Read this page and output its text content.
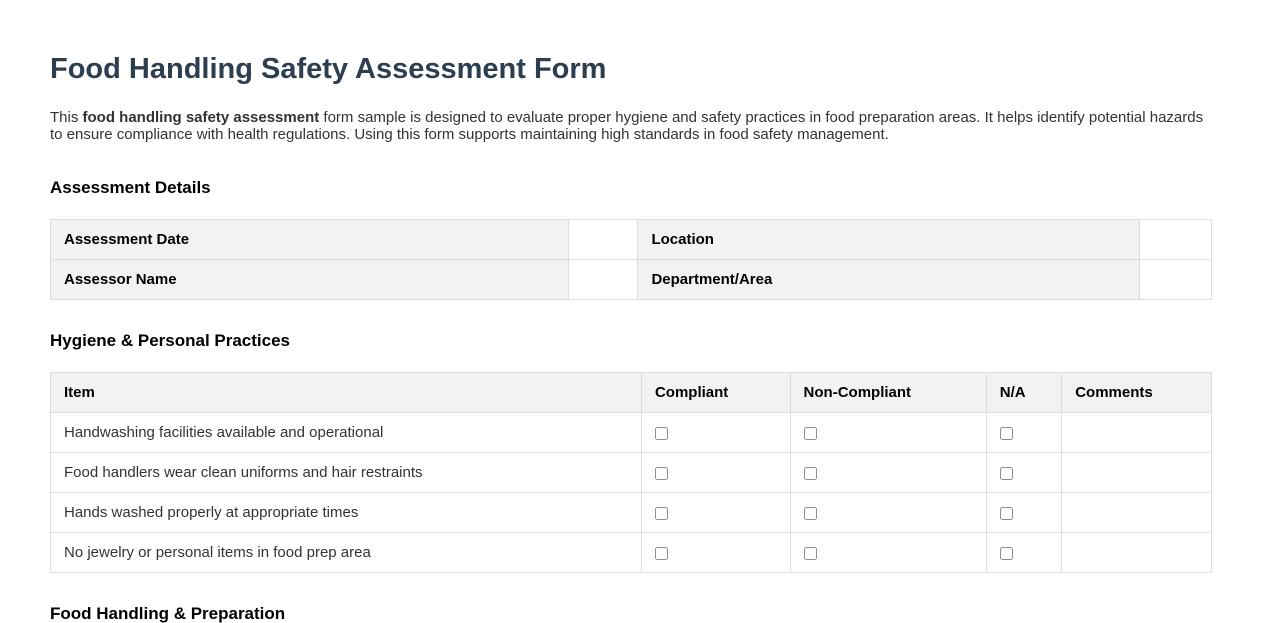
Food Handling Safety Assessment Form

This food handling safety assessment form sample is designed to evaluate proper hygiene and safety practices in food preparation areas. It helps identify potential hazards to ensure compliance with health regulations. Using this form supports maintaining high standards in food safety management.

Assessment Details
Assessment Date		Location	
Assessor Name		Department/Area	
Hygiene & Personal Practices
Item	Compliant	Non-Compliant	N/A	Comments
Handwashing facilities available and operational				
Food handlers wear clean uniforms and hair restraints				
Hands washed properly at appropriate times				
No jewelry or personal items in food prep area				
Food Handling & Preparation
